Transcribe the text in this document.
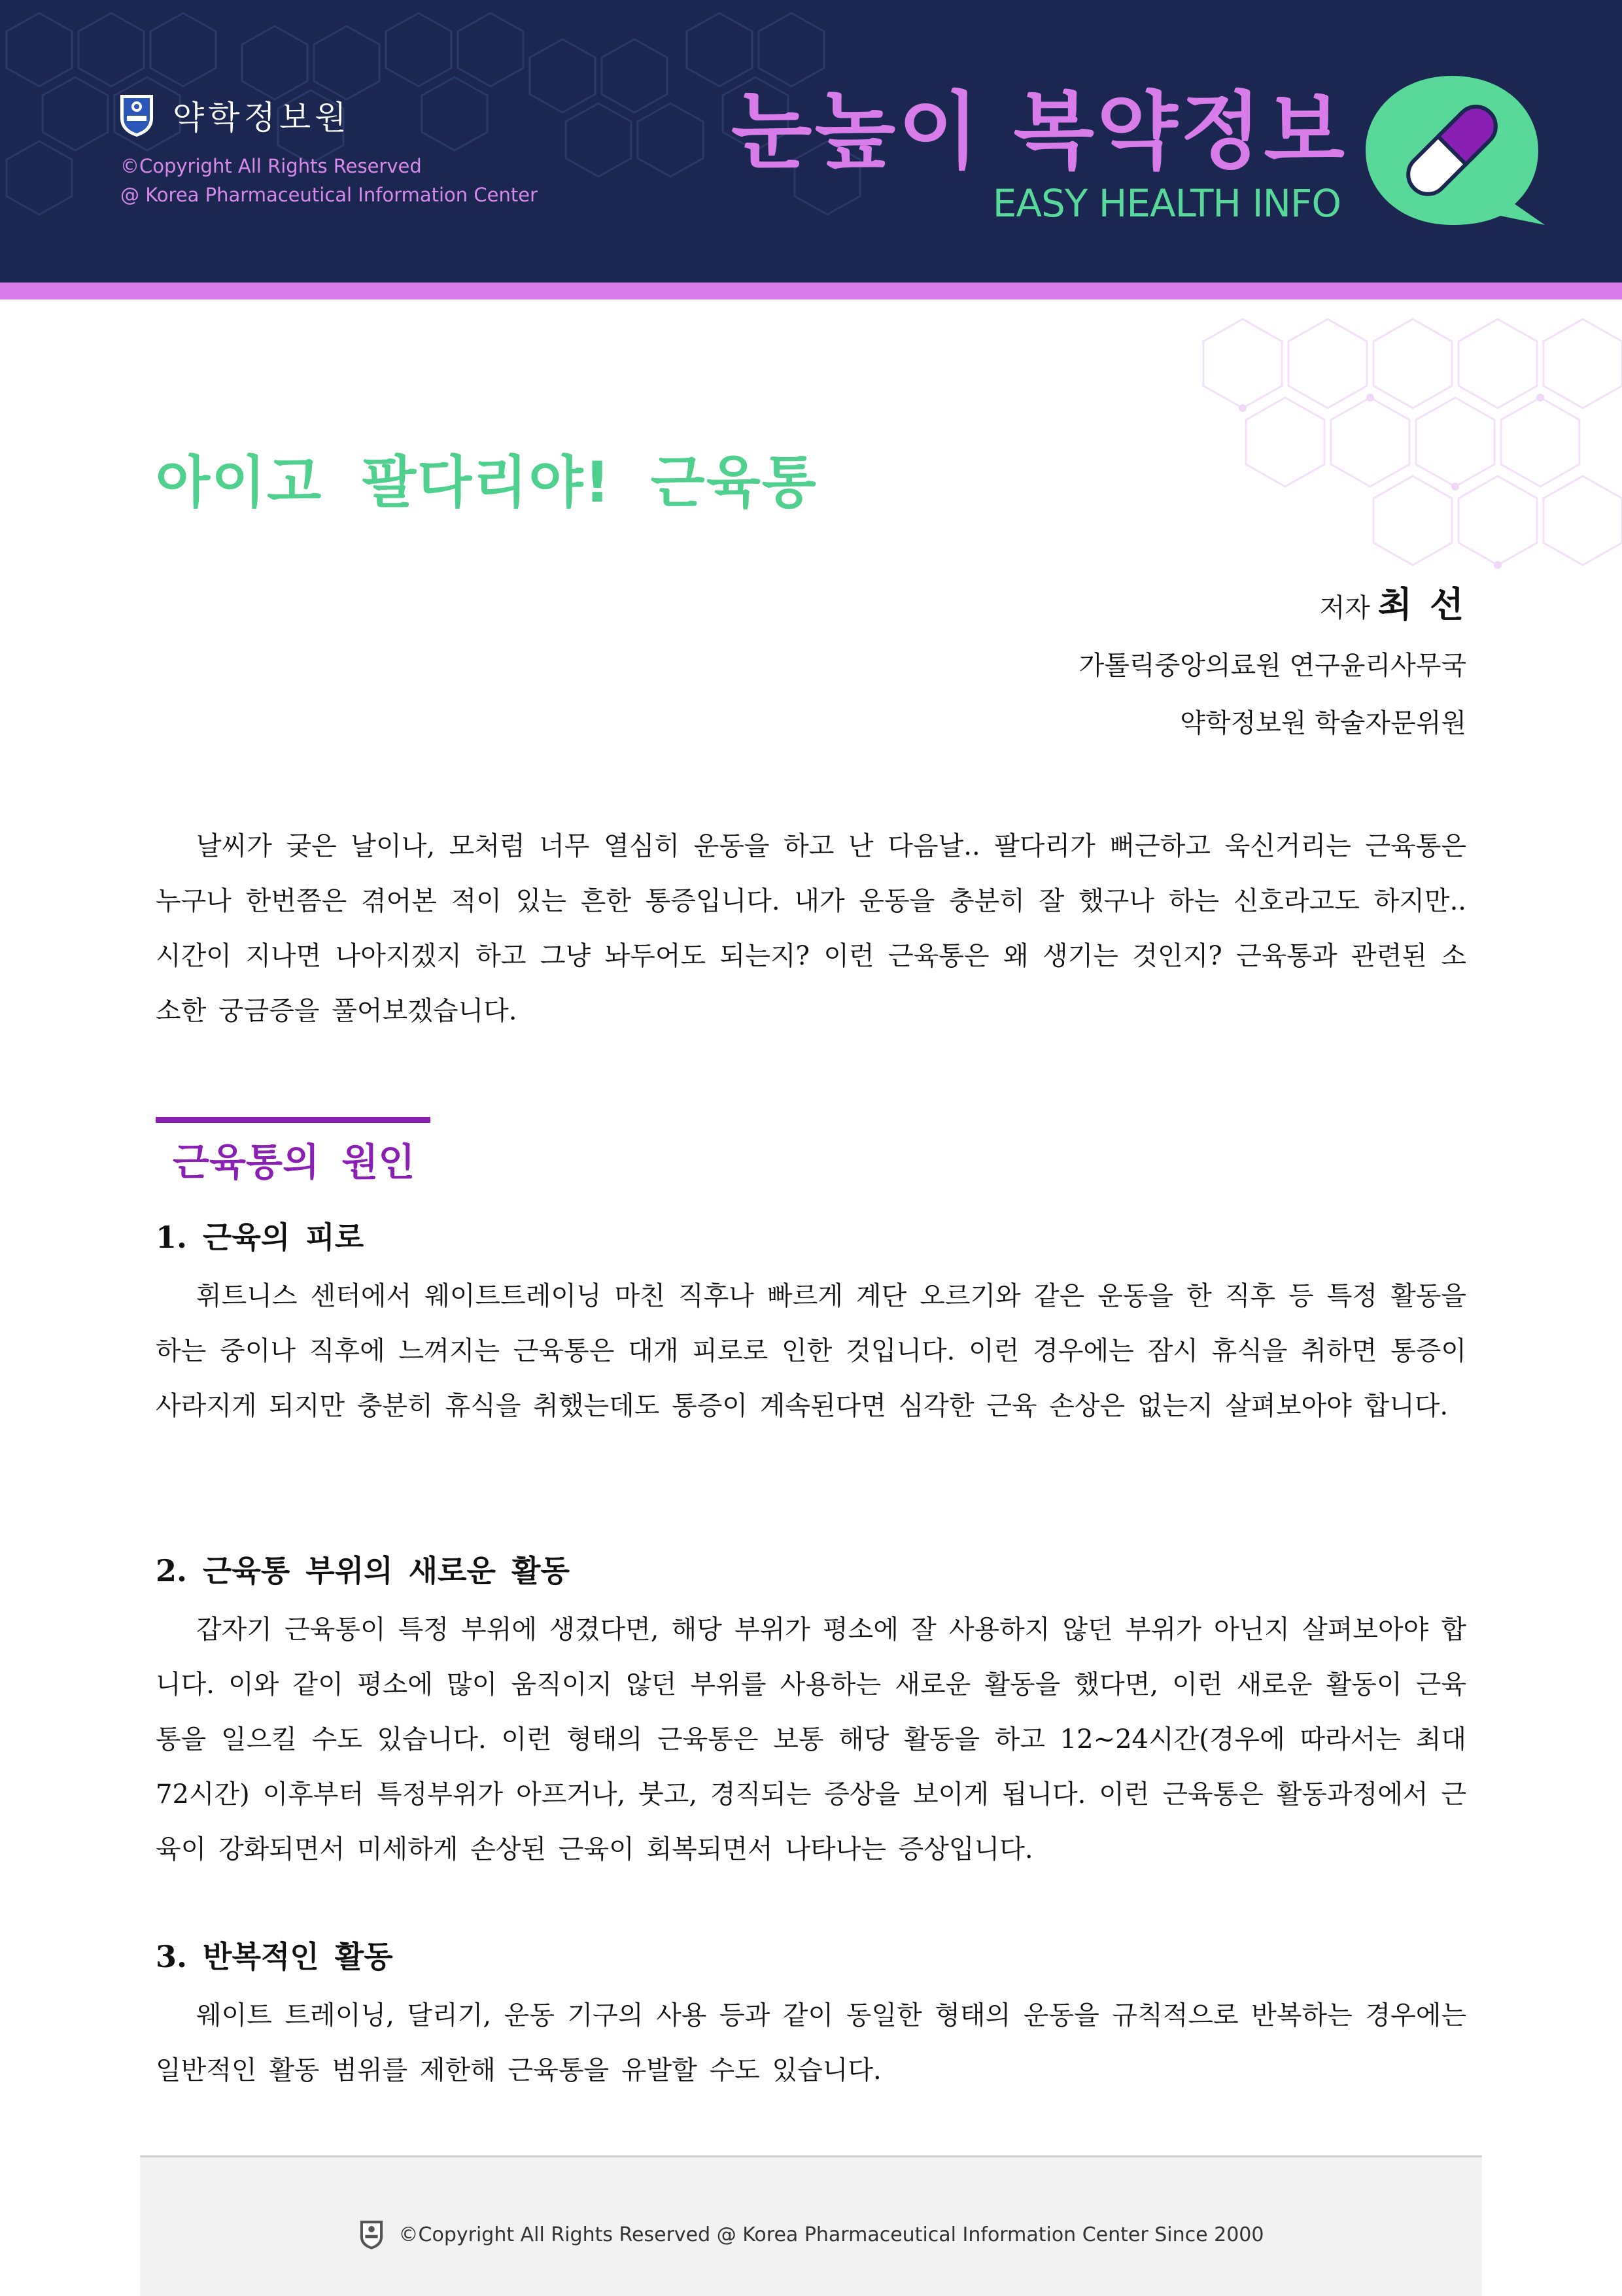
약학정보원
©Copyright All Rights Reserved
@ Korea Pharmaceutical Information Center
눈높이 복약정보
EASY HEALTH INFO
아이고 팔다리야! 근육통
저자 최 선
가톨릭중앙의료원 연구윤리사무국
약학정보원 학술자문위원

날씨가 궂은 날이나, 모처럼 너무 열심히 운동을 하고 난 다음날.. 팔다리가 뻐근하고 욱신거리는 근육통은 누구나 한번쯤은 겪어본 적이 있는 흔한 통증입니다. 내가 운동을 충분히 잘 했구나 하는 신호라고도 하지만.. 시간이 지나면 나아지겠지 하고 그냥 놔두어도 되는지? 이런 근육통은 왜 생기는 것인지? 근육통과 관련된 소소한 궁금증을 풀어보겠습니다.

근육통의 원인
1. 근육의 피로

휘트니스 센터에서 웨이트트레이닝 마친 직후나 빠르게 계단 오르기와 같은 운동을 한 직후 등 특정 활동을 하는 중이나 직후에 느껴지는 근육통은 대개 피로로 인한 것입니다. 이런 경우에는 잠시 휴식을 취하면 통증이 사라지게 되지만 충분히 휴식을 취했는데도 통증이 계속된다면 심각한 근육 손상은 없는지 살펴보아야 합니다.

2. 근육통 부위의 새로운 활동

갑자기 근육통이 특정 부위에 생겼다면, 해당 부위가 평소에 잘 사용하지 않던 부위가 아닌지 살펴보아야 합니다. 이와 같이 평소에 많이 움직이지 않던 부위를 사용하는 새로운 활동을 했다면, 이런 새로운 활동이 근육통을 일으킬 수도 있습니다. 이런 형태의 근육통은 보통 해당 활동을 하고 12~24시간(경우에 따라서는 최대 72시간) 이후부터 특정부위가 아프거나, 붓고, 경직되는 증상을 보이게 됩니다. 이런 근육통은 활동과정에서 근육이 강화되면서 미세하게 손상된 근육이 회복되면서 나타나는 증상입니다.

3. 반복적인 활동

웨이트 트레이닝, 달리기, 운동 기구의 사용 등과 같이 동일한 형태의 운동을 규칙적으로 반복하는 경우에는 일반적인 활동 범위를 제한해 근육통을 유발할 수도 있습니다.

©Copyright All Rights Reserved @ Korea Pharmaceutical Information Center Since 2000
